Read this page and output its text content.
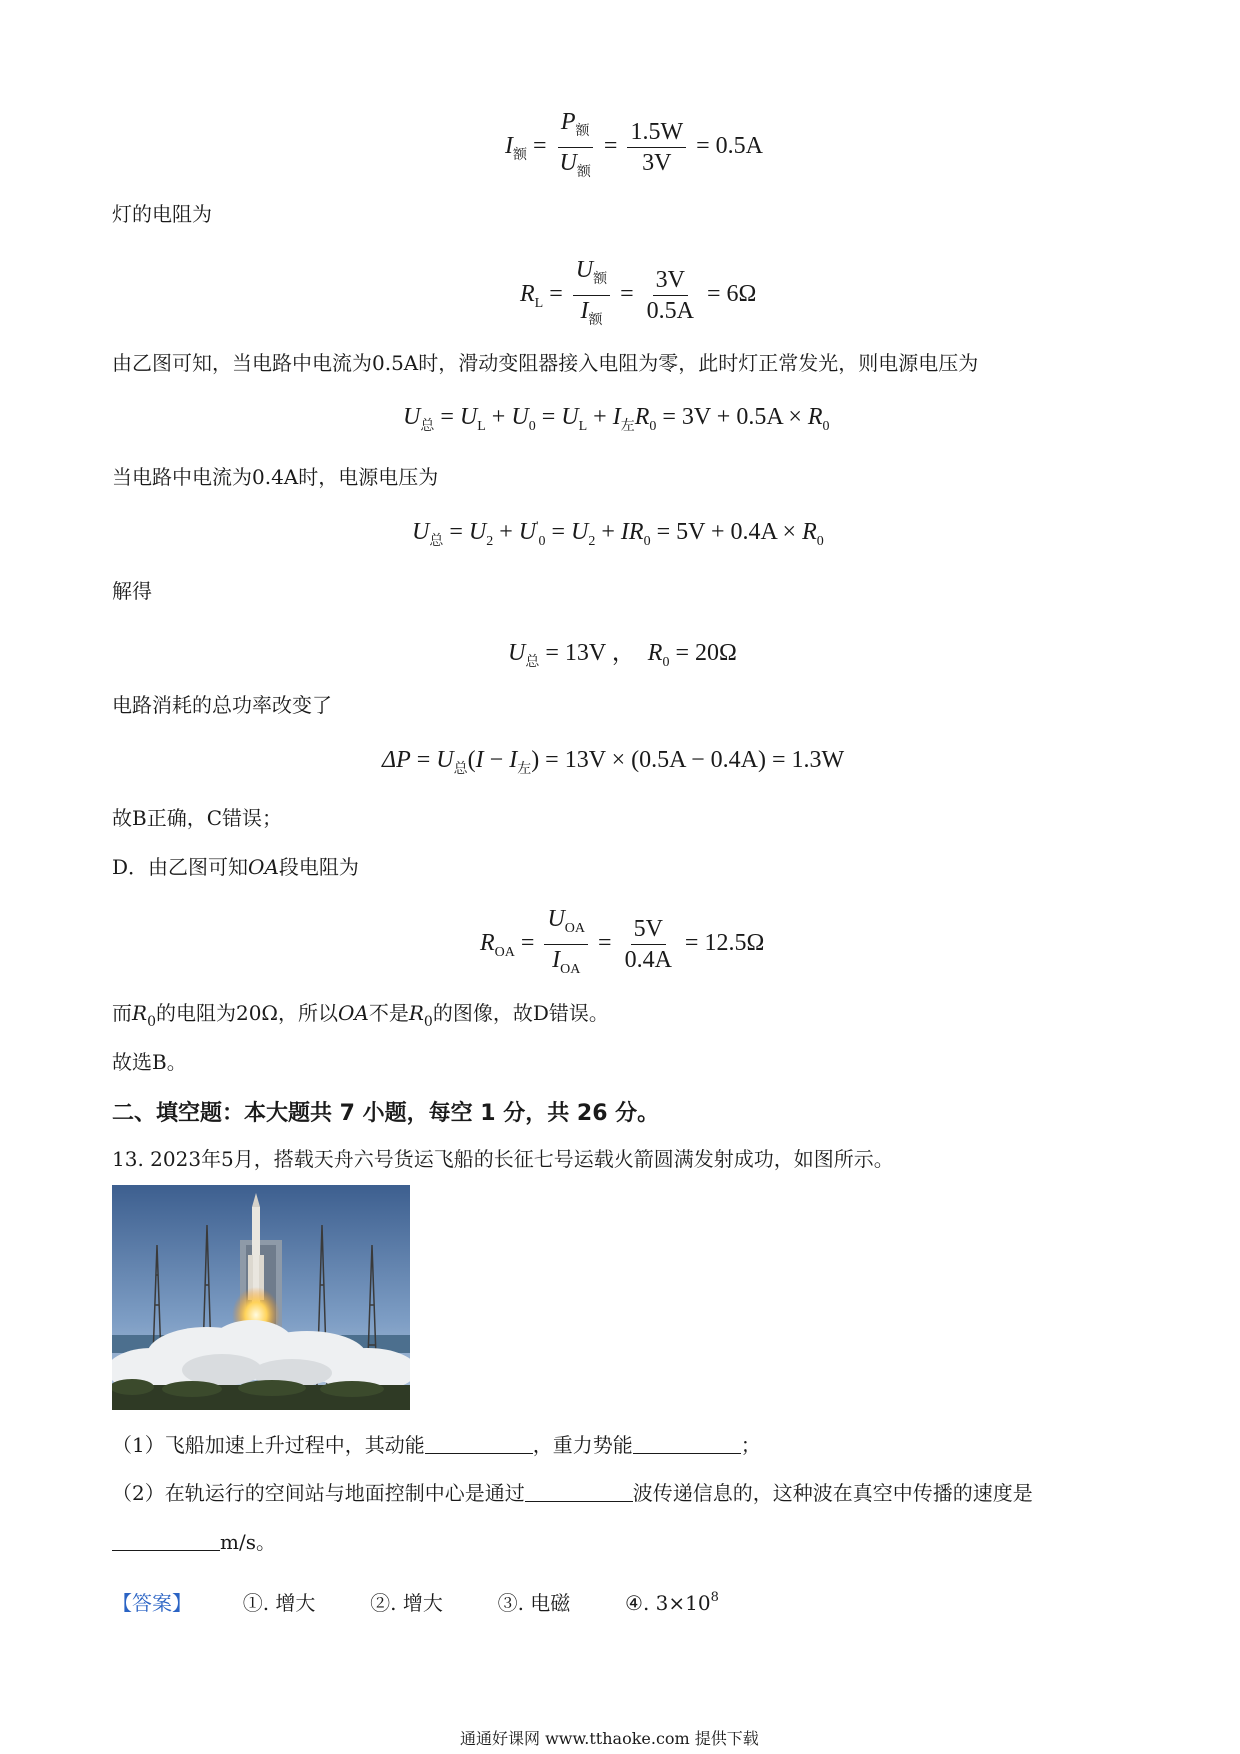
$I_额 = \frac{P_额}{U_额} = \frac{1.5W}{3V} = 0.5A$
灯的电阻为
$R_L = \frac{U_额}{I_额} = \frac{3V}{0.5A} = 6\Omega$
由乙图可知，当电路中电流为0.5A时，滑动变阻器接入电阻为零，此时灯正常发光，则电源电压为
$U_总 = U_L + U_0 = U_L + I_左R_0 = 3V + 0.5A \times R_0$
当电路中电流为0.4A时，电源电压为
$U_总 = U_2 + U'_0 = U_2 + IR_0 = 5V + 0.4A \times R_0$
解得
$U_总 = 13V$ ， $R_0 = 20\Omega$
电路消耗的总功率改变了
$\Delta P = U_总(I - I_左) = 13V \times (0.5A - 0.4A) = 1.3W$
故B正确，C错误；
D．由乙图可知OA段电阻为
$R_{OA} = \frac{U_{OA}}{I_{OA}} = \frac{5V}{0.4A} = 12.5\Omega$
而$R_0$的电阻为20Ω，所以OA不是$R_0$的图像，故D错误。
故选B。
二、填空题：本大题共 7 小题，每空 1 分，共 26 分。
13. 2023年5月，搭载天舟六号货运飞船的长征七号运载火箭圆满发射成功，如图所示。
（1）飞船加速上升过程中，其动能	，重力势能	；
（2）在轨运行的空间站与地面控制中心是通过	波传递信息的，这种波在真空中传播的速度是
m/s。
【答案】	①. 增大	②. 增大	③. 电磁	④. $3\times 10^8$
通通好课网 www.tthaoke.com 提供下载
